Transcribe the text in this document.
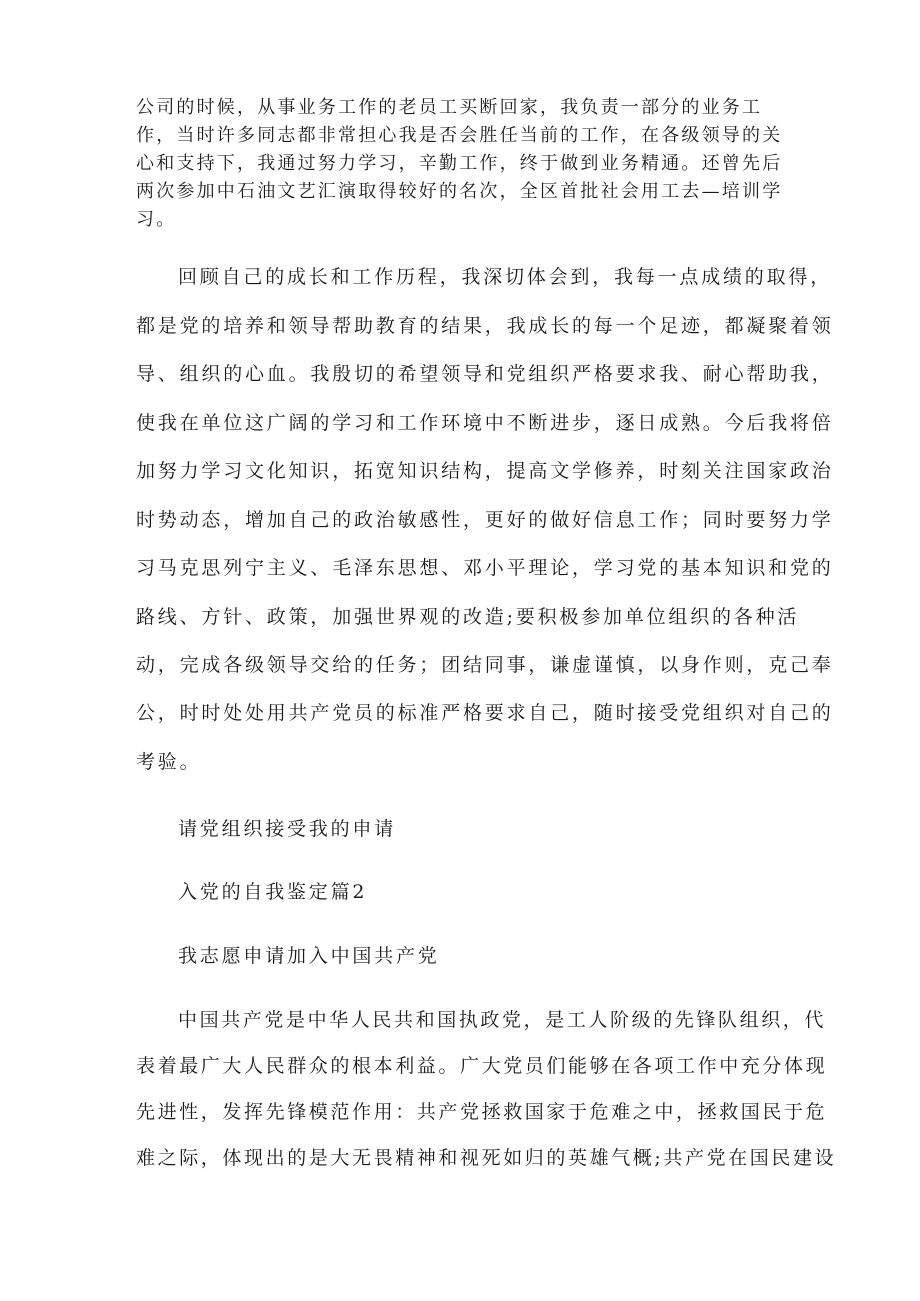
公司的时候，从事业务工作的老员工买断回家，我负责一部分的业务工
作，当时许多同志都非常担心我是否会胜任当前的工作，在各级领导的关
心和支持下，我通过努力学习，辛勤工作，终于做到业务精通。还曾先后
两次参加中石油文艺汇演取得较好的名次，全区首批社会用工去—培训学
习。
回顾自己的成长和工作历程，我深切体会到，我每一点成绩的取得，
都是党的培养和领导帮助教育的结果，我成长的每一个足迹，都凝聚着领
导、组织的心血。我殷切的希望领导和党组织严格要求我、耐心帮助我，
使我在单位这广阔的学习和工作环境中不断进步，逐日成熟。今后我将倍
加努力学习文化知识，拓宽知识结构，提高文学修养，时刻关注国家政治
时势动态，增加自己的政治敏感性，更好的做好信息工作；同时要努力学
习马克思列宁主义、毛泽东思想、邓小平理论，学习党的基本知识和党的
路线、方针、政策，加强世界观的改造;要积极参加单位组织的各种活
动，完成各级领导交给的任务；团结同事，谦虚谨慎，以身作则，克己奉
公，时时处处用共产党员的标准严格要求自己，随时接受党组织对自己的
考验。
请党组织接受我的申请
入党的自我鉴定篇2
我志愿申请加入中国共产党
中国共产党是中华人民共和国执政党，是工人阶级的先锋队组织，代
表着最广大人民群众的根本利益。广大党员们能够在各项工作中充分体现
先进性，发挥先锋模范作用：共产党拯救国家于危难之中，拯救国民于危
难之际，体现出的是大无畏精神和视死如归的英雄气概;共产党在国民建设
